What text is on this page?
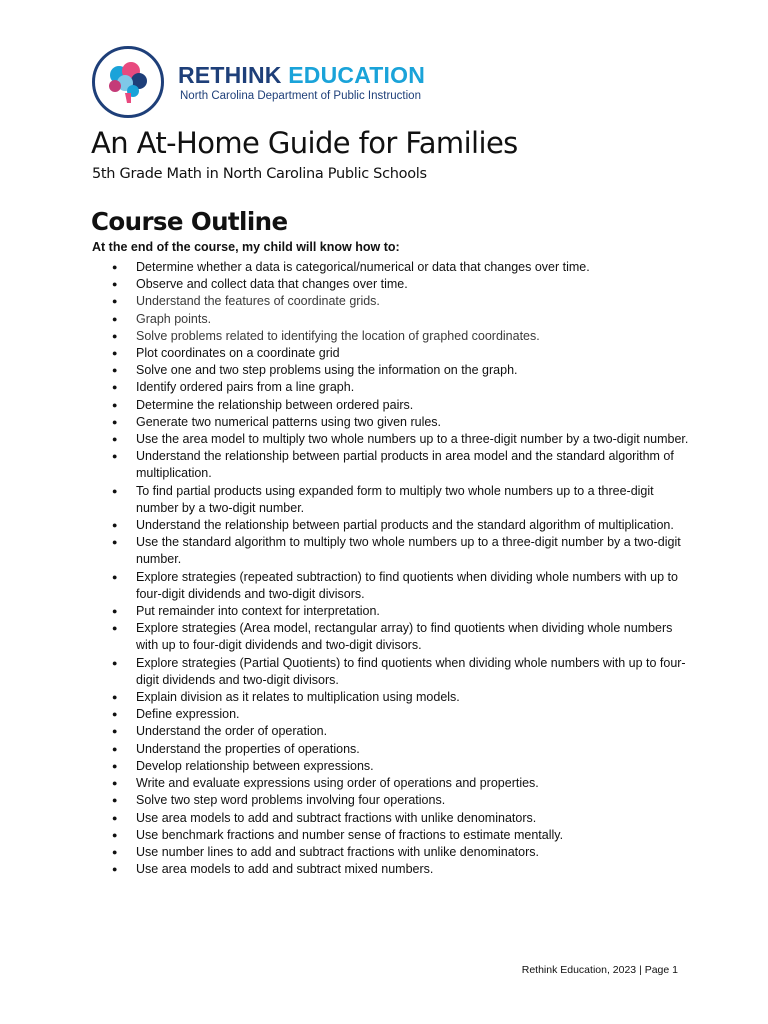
RETHINK EDUCATION
North Carolina Department of Public Instruction
An At-Home Guide for Families
5th Grade Math in North Carolina Public Schools
Course Outline
At the end of the course, my child will know how to:
● Determine whether a data is categorical/numerical or data that changes over time.
● Observe and collect data that changes over time.
● Understand the features of coordinate grids.
● Graph points.
● Solve problems related to identifying the location of graphed coordinates.
● Plot coordinates on a coordinate grid
● Solve one and two step problems using the information on the graph.
● Identify ordered pairs from a line graph.
● Determine the relationship between ordered pairs.
● Generate two numerical patterns using two given rules.
● Use the area model to multiply two whole numbers up to a three-digit number by a two-digit number.
● Understand the relationship between partial products in area model and the standard algorithm of multiplication.
● To find partial products using expanded form to multiply two whole numbers up to a three-digit number by a two-digit number.
● Understand the relationship between partial products and the standard algorithm of multiplication.
● Use the standard algorithm to multiply two whole numbers up to a three-digit number by a two-digit number.
● Explore strategies (repeated subtraction) to find quotients when dividing whole numbers with up to four-digit dividends and two-digit divisors.
● Put remainder into context for interpretation.
● Explore strategies (Area model, rectangular array) to find quotients when dividing whole numbers with up to four-digit dividends and two-digit divisors.
● Explore strategies (Partial Quotients) to find quotients when dividing whole numbers with up to four-digit dividends and two-digit divisors.
● Explain division as it relates to multiplication using models.
● Define expression.
● Understand the order of operation.
● Understand the properties of operations.
● Develop relationship between expressions.
● Write and evaluate expressions using order of operations and properties.
● Solve two step word problems involving four operations.
● Use area models to add and subtract fractions with unlike denominators.
● Use benchmark fractions and number sense of fractions to estimate mentally.
● Use number lines to add and subtract fractions with unlike denominators.
● Use area models to add and subtract mixed numbers.
Rethink Education, 2023 | Page 1
